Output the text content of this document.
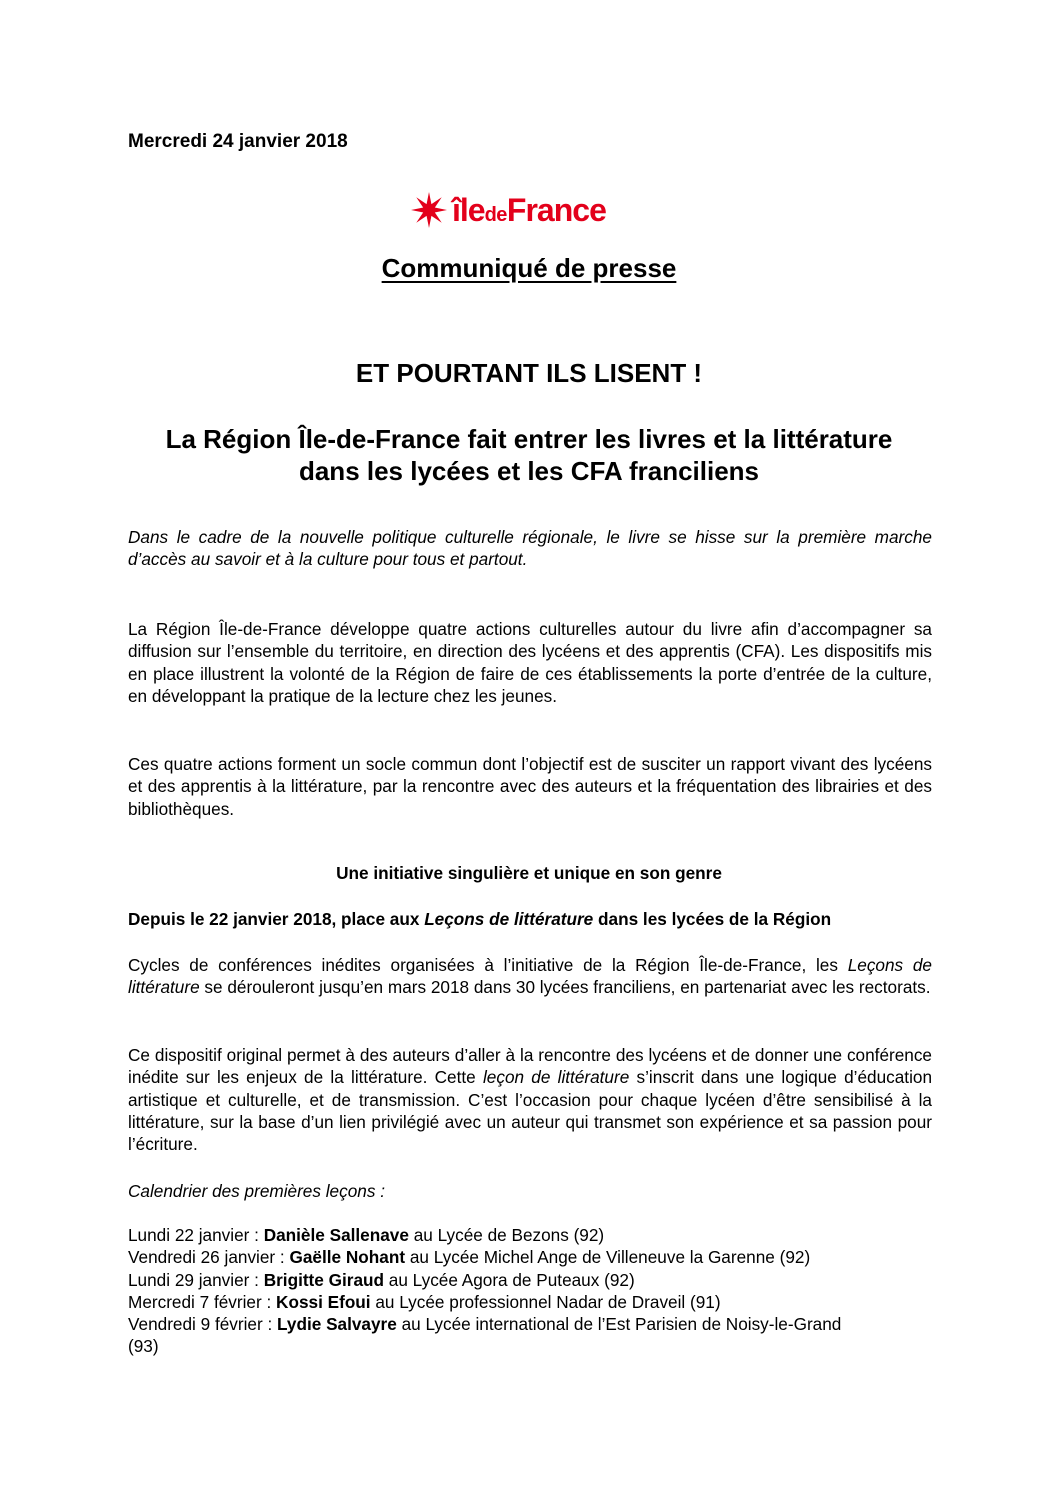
Mercredi 24 janvier 2018
îledeFrance
Communiqué de presse
ET POURTANT ILS LISENT !
La Région Île-de-France fait entrer les livres et la littérature
dans les lycées et les CFA franciliens
Dans le cadre de la nouvelle politique culturelle régionale, le livre se hisse sur la première marche d’accès au savoir et à la culture pour tous et partout.
La Région Île-de-France développe quatre actions culturelles autour du livre afin d’accompagner sa diffusion sur l’ensemble du territoire, en direction des lycéens et des apprentis (CFA). Les dispositifs mis en place illustrent la volonté de la Région de faire de ces établissements la porte d’entrée de la culture, en développant la pratique de la lecture chez les jeunes.
Ces quatre actions forment un socle commun dont l’objectif est de susciter un rapport vivant des lycéens et des apprentis à la littérature, par la rencontre avec des auteurs et la fréquentation des librairies et des bibliothèques.
Une initiative singulière et unique en son genre
Depuis le 22 janvier 2018, place aux Leçons de littérature dans les lycées de la Région
Cycles de conférences inédites organisées à l’initiative de la Région Île-de-France, les Leçons de littérature se dérouleront jusqu’en mars 2018 dans 30 lycées franciliens, en partenariat avec les rectorats.
Ce dispositif original permet à des auteurs d’aller à la rencontre des lycéens et de donner une conférence inédite sur les enjeux de la littérature. Cette leçon de littérature s’inscrit dans une logique d’éducation artistique et culturelle, et de transmission. C’est l’occasion pour chaque lycéen d’être sensibilisé à la littérature, sur la base d’un lien privilégié avec un auteur qui transmet son expérience et sa passion pour l’écriture.
Calendrier des premières leçons :
Lundi 22 janvier : Danièle Sallenave au Lycée de Bezons (92)
Vendredi 26 janvier : Gaëlle Nohant au Lycée Michel Ange de Villeneuve la Garenne (92)
Lundi 29 janvier : Brigitte Giraud au Lycée Agora de Puteaux (92)
Mercredi 7 février : Kossi Efoui au Lycée professionnel Nadar de Draveil (91)
Vendredi 9 février : Lydie Salvayre au Lycée international de l’Est Parisien de Noisy-le-Grand
(93)
